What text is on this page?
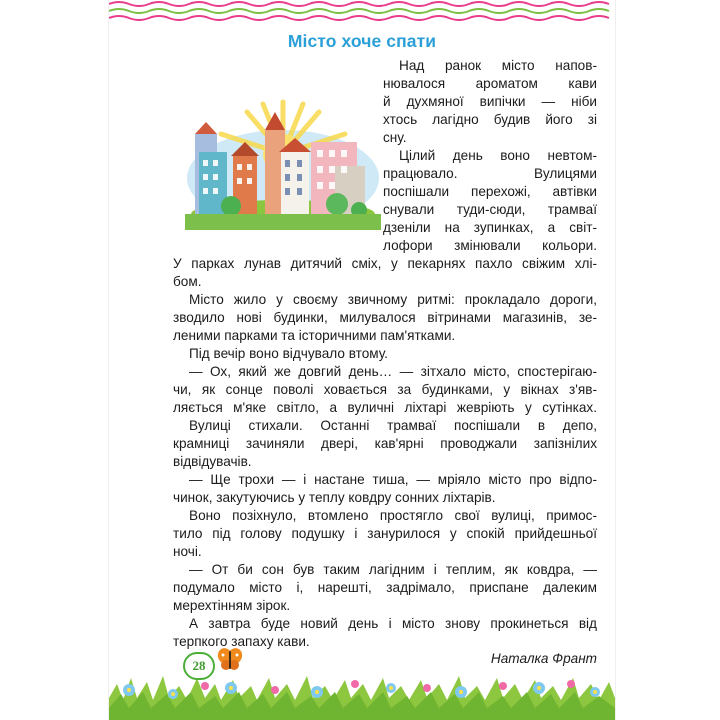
Місто хоче спати
Над ранок місто напов-
нювалося ароматом кави
й духмяної випічки — ніби
хтось лагідно будив його зі
сну.
Цілий день воно невтом-
працювало. Вулицями
поспішали перехожі, автівки
снували туди-сюди, трамваї
дзеніли на зупинках, а світ-
лофори змінювали кольори.
У парках лунав дитячий сміх, у пекарнях пахло свіжим хлі-
бом.
Місто жило у своєму звичному ритмі: прокладало дороги,
зводило нові будинки, милувалося вітринами магазинів, зе-
леними парками та історичними пам'ятками.
Під вечір воно відчувало втому.
— Ох, який же довгий день… — зітхало місто, спостерігаю-
чи, як сонце поволі ховається за будинками, у вікнах з'яв-
ляється м'яке світло, а вуличні ліхтарі жевріють у сутінках.
Вулиці стихали. Останні трамваї поспішали в депо,
крамниці зачиняли двері, кав'ярні проводжали запізнілих
відвідувачів.
— Ще трохи — і настане тиша, — мріяло місто про відпо-
чинок, закутуючись у теплу ковдру сонних ліхтарів.
Воно позіхнуло, втомлено простягло свої вулиці, примос-
тило під голову подушку і занурилося у спокій прийдешньої
ночі.
— От би сон був таким лагідним і теплим, як ковдра, —
подумало місто і, нарешті, задрімало, приспане далеким
мерехтінням зірок.
А завтра буде новий день і місто знову прокинеться від
терпкого запаху кави.
Наталка Франт
28
